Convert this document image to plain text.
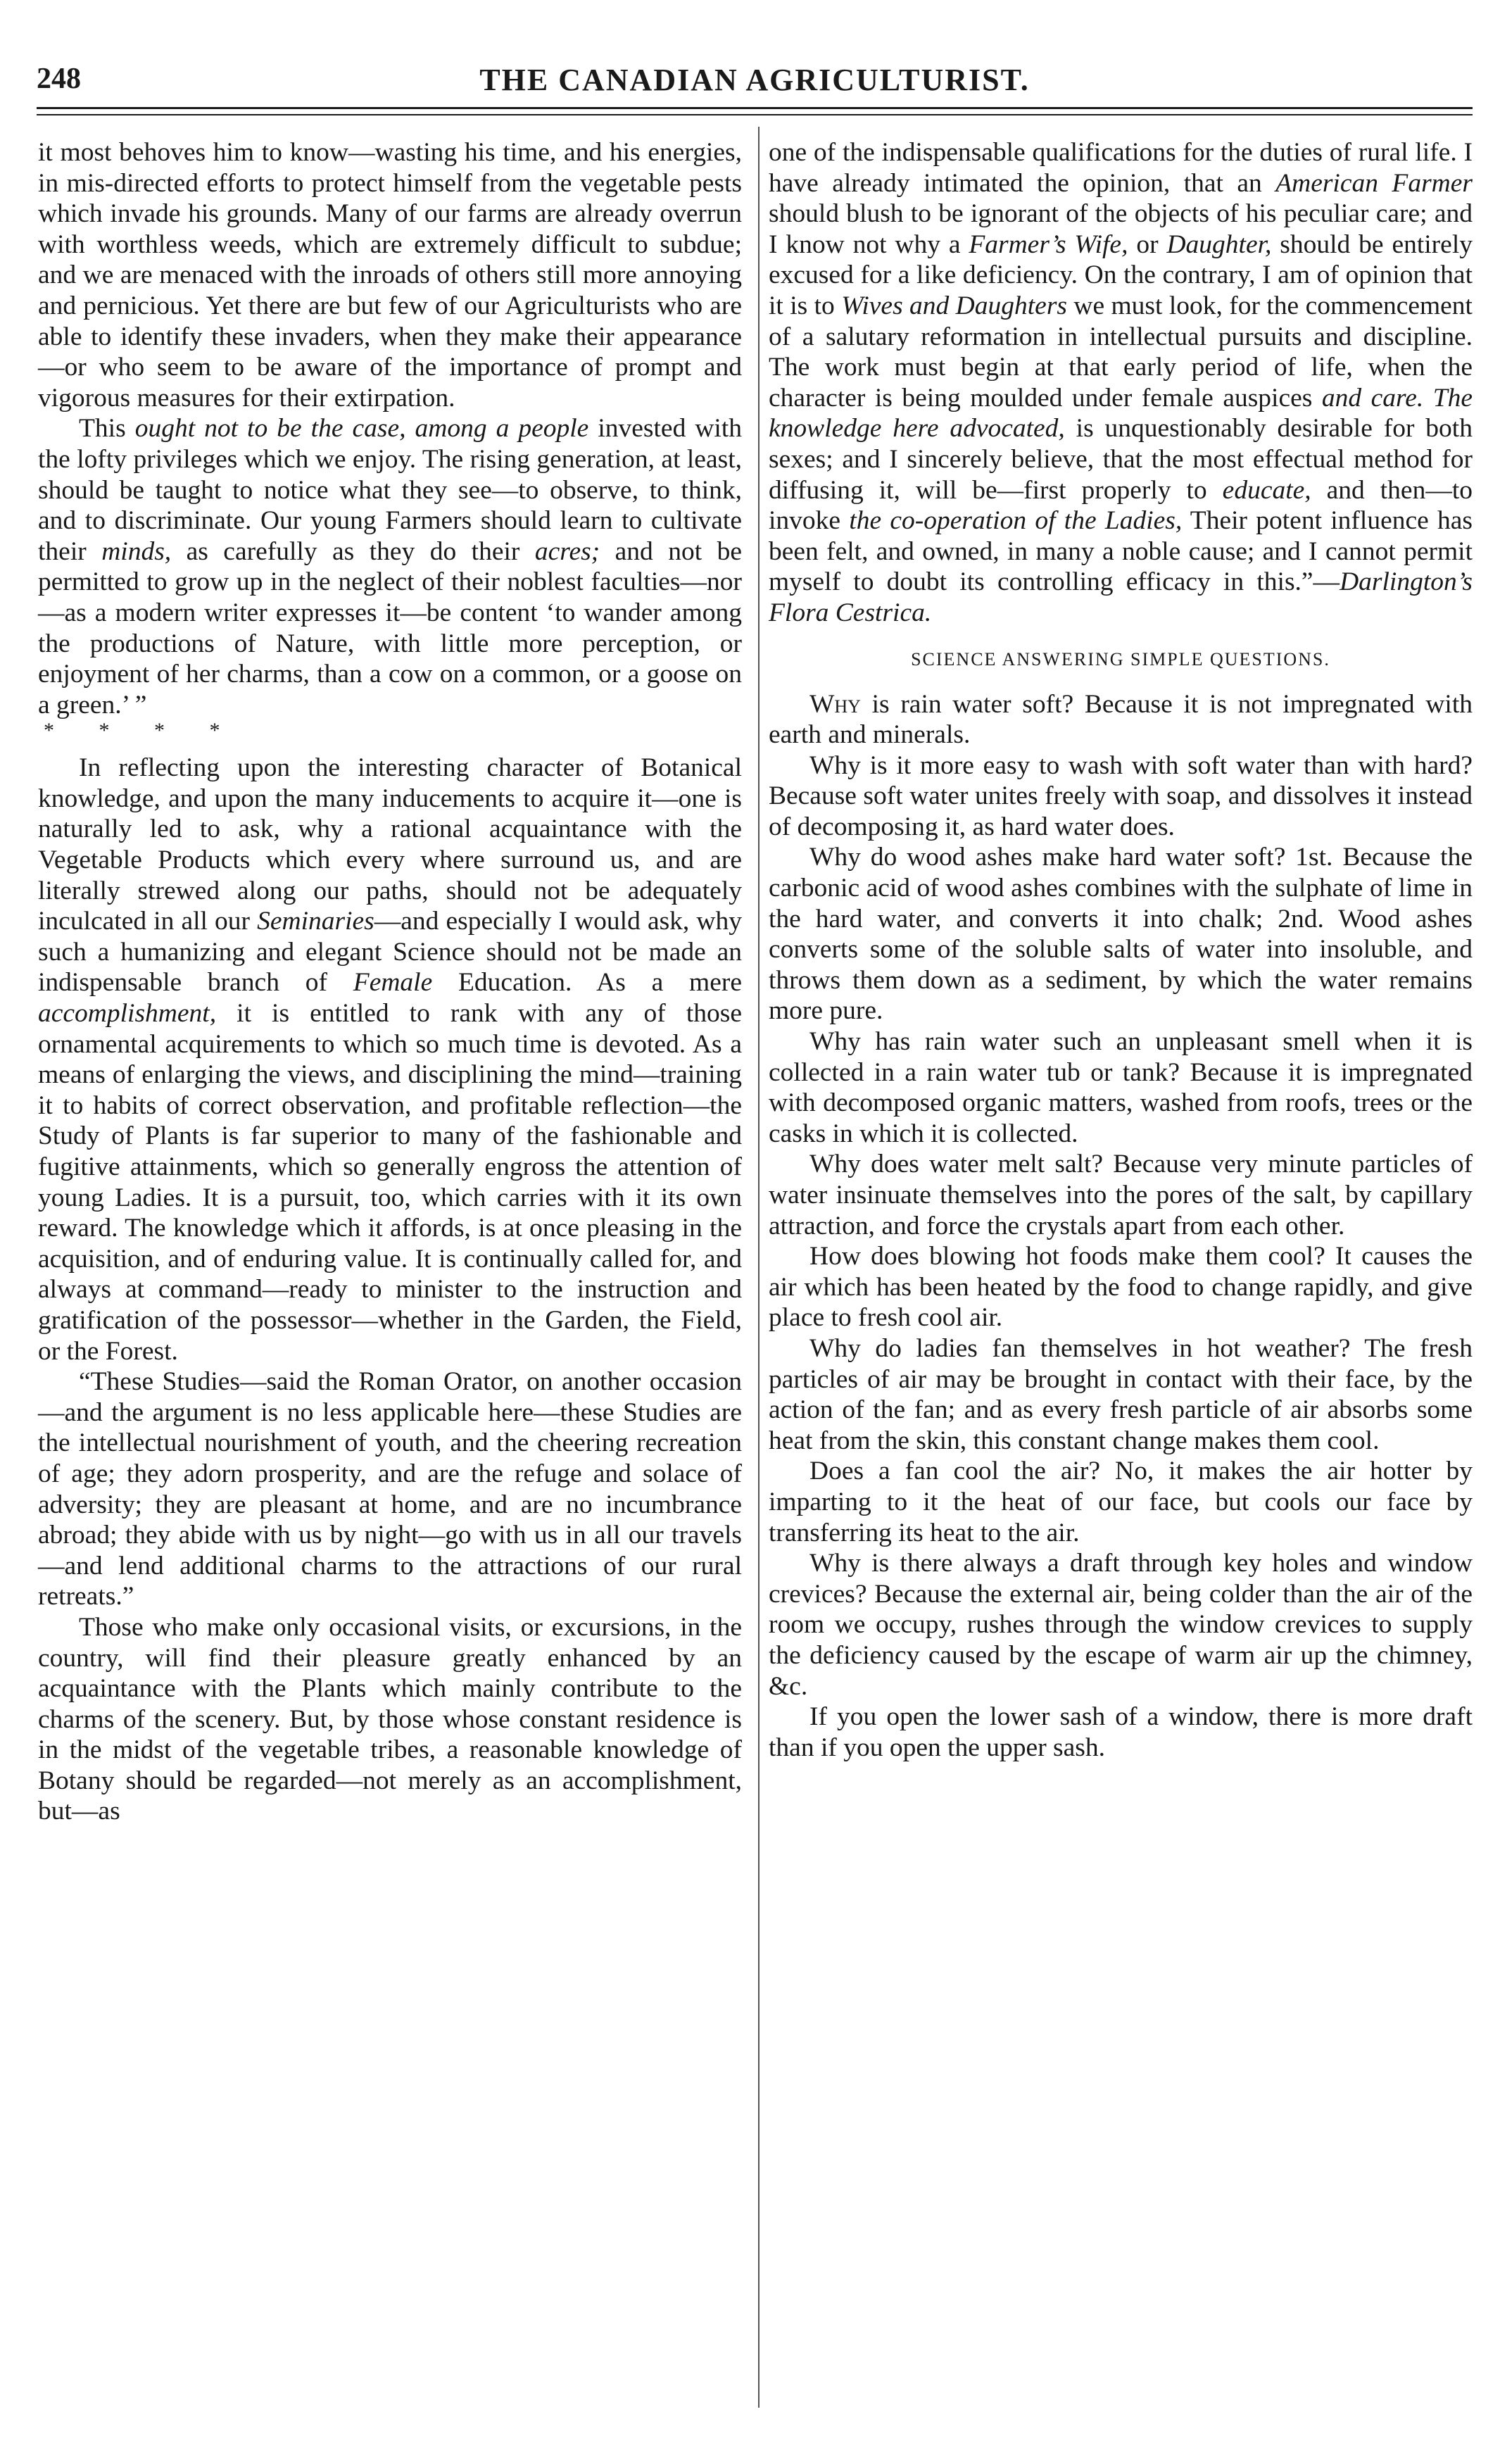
248	THE CANADIAN AGRICULTURIST.

it most behoves him to know—wasting his time, and his energies, in mis-directed efforts to protect himself from the vegetable pests which invade his grounds. Many of our farms are already overrun with worthless weeds, which are extremely difficult to subdue; and we are menaced with the inroads of others still more annoying and pernicious. Yet there are but few of our Agriculturists who are able to identify these invaders, when they make their appearance—or who seem to be aware of the importance of prompt and vigorous measures for their extirpation.

This ought not to be the case, among a people invested with the lofty privileges which we enjoy. The rising generation, at least, should be taught to notice what they see—to observe, to think, and to discriminate. Our young Farmers should learn to cultivate their minds, as carefully as they do their acres; and not be permitted to grow up in the neglect of their noblest faculties—nor—as a modern writer expresses it—be content ‘to wander among the productions of Nature, with little more perception, or enjoyment of her charms, than a cow on a common, or a goose on a green.’ ”

* * * *

In reflecting upon the interesting character of Botanical knowledge, and upon the many inducements to acquire it—one is naturally led to ask, why a rational acquaintance with the Vegetable Products which every where surround us, and are literally strewed along our paths, should not be adequately inculcated in all our Seminaries—and especially I would ask, why such a humanizing and elegant Science should not be made an indispensable branch of Female Education. As a mere accomplishment, it is entitled to rank with any of those ornamental acquirements to which so much time is devoted. As a means of enlarging the views, and disciplining the mind—training it to habits of correct observation, and profitable reflection—the Study of Plants is far superior to many of the fashionable and fugitive attainments, which so generally engross the attention of young Ladies. It is a pursuit, too, which carries with it its own reward. The knowledge which it affords, is at once pleasing in the acquisition, and of enduring value. It is continually called for, and always at command—ready to minister to the instruction and gratification of the possessor—whether in the Garden, the Field, or the Forest.

“These Studies—said the Roman Orator, on another occasion—and the argument is no less applicable here—these Studies are the intellectual nourishment of youth, and the cheering recreation of age; they adorn prosperity, and are the refuge and solace of adversity; they are pleasant at home, and are no incumbrance abroad; they abide with us by night—go with us in all our travels—and lend additional charms to the attractions of our rural retreats.”

Those who make only occasional visits, or excursions, in the country, will find their pleasure greatly enhanced by an acquaintance with the Plants which mainly contribute to the charms of the scenery. But, by those whose constant residence is in the midst of the vegetable tribes, a reasonable knowledge of Botany should be regarded—not merely as an accomplishment, but—as

one of the indispensable qualifications for the duties of rural life. I have already intimated the opinion, that an American Farmer should blush to be ignorant of the objects of his peculiar care; and I know not why a Farmer’s Wife, or Daughter, should be entirely excused for a like deficiency. On the contrary, I am of opinion that it is to Wives and Daughters we must look, for the commencement of a salutary reformation in intellectual pursuits and discipline. The work must begin at that early period of life, when the character is being moulded under female auspices and care. The knowledge here advocated, is unquestionably desirable for both sexes; and I sincerely believe, that the most effectual method for diffusing it, will be—first properly to educate, and then—to invoke the co-operation of the Ladies, Their potent influence has been felt, and owned, in many a noble cause; and I cannot permit myself to doubt its controlling efficacy in this.”—Darlington’s Flora Cestrica.

SCIENCE ANSWERING SIMPLE QUESTIONS.

Why is rain water soft? Because it is not impregnated with earth and minerals.

Why is it more easy to wash with soft water than with hard? Because soft water unites freely with soap, and dissolves it instead of decomposing it, as hard water does.

Why do wood ashes make hard water soft? 1st. Because the carbonic acid of wood ashes combines with the sulphate of lime in the hard water, and converts it into chalk; 2nd. Wood ashes converts some of the soluble salts of water into insoluble, and throws them down as a sediment, by which the water remains more pure.

Why has rain water such an unpleasant smell when it is collected in a rain water tub or tank? Because it is impregnated with decomposed organic matters, washed from roofs, trees or the casks in which it is collected.

Why does water melt salt? Because very minute particles of water insinuate themselves into the pores of the salt, by capillary attraction, and force the crystals apart from each other.

How does blowing hot foods make them cool? It causes the air which has been heated by the food to change rapidly, and give place to fresh cool air.

Why do ladies fan themselves in hot weather? The fresh particles of air may be brought in contact with their face, by the action of the fan; and as every fresh particle of air absorbs some heat from the skin, this constant change makes them cool.

Does a fan cool the air? No, it makes the air hotter by imparting to it the heat of our face, but cools our face by transferring its heat to the air.

Why is there always a draft through key holes and window crevices? Because the external air, being colder than the air of the room we occupy, rushes through the window crevices to supply the deficiency caused by the escape of warm air up the chimney, &c.

If you open the lower sash of a window, there is more draft than if you open the upper sash.
